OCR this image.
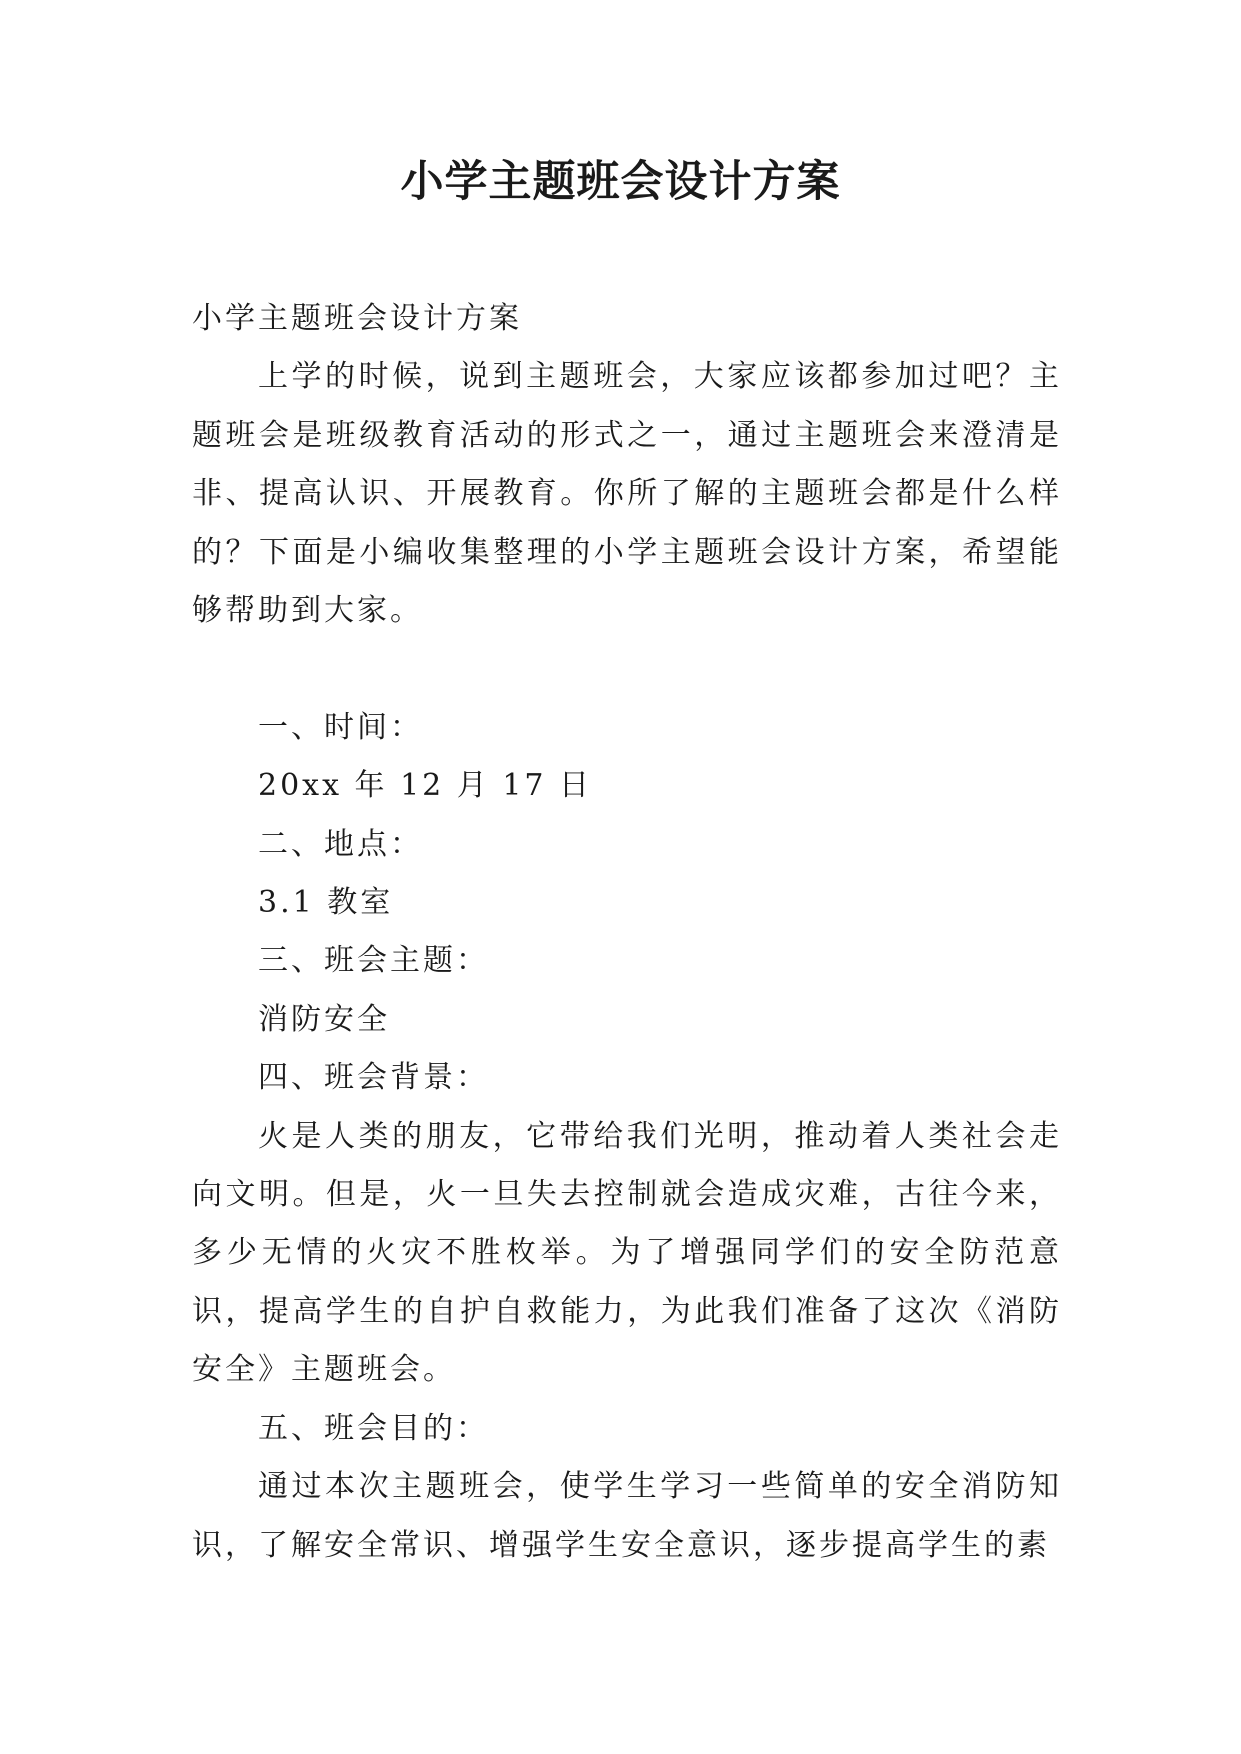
小学主题班会设计方案

小学主题班会设计方案

上学的时候，说到主题班会，大家应该都参加过吧？主题班会是班级教育活动的形式之一，通过主题班会来澄清是非、提高认识、开展教育。你所了解的主题班会都是什么样的？下面是小编收集整理的小学主题班会设计方案，希望能够帮助到大家。

一、时间：

20xx 年 12 月 17 日

二、地点：

3.1 教室

三、班会主题：

消防安全

四、班会背景：

火是人类的朋友，它带给我们光明，推动着人类社会走向文明。但是，火一旦失去控制就会造成灾难，古往今来，多少无情的火灾不胜枚举。为了增强同学们的安全防范意识，提高学生的自护自救能力，为此我们准备了这次《消防安全》主题班会。

五、班会目的：

通过本次主题班会，使学生学习一些简单的安全消防知识，了解安全常识、增强学生安全意识，逐步提高学生的素
